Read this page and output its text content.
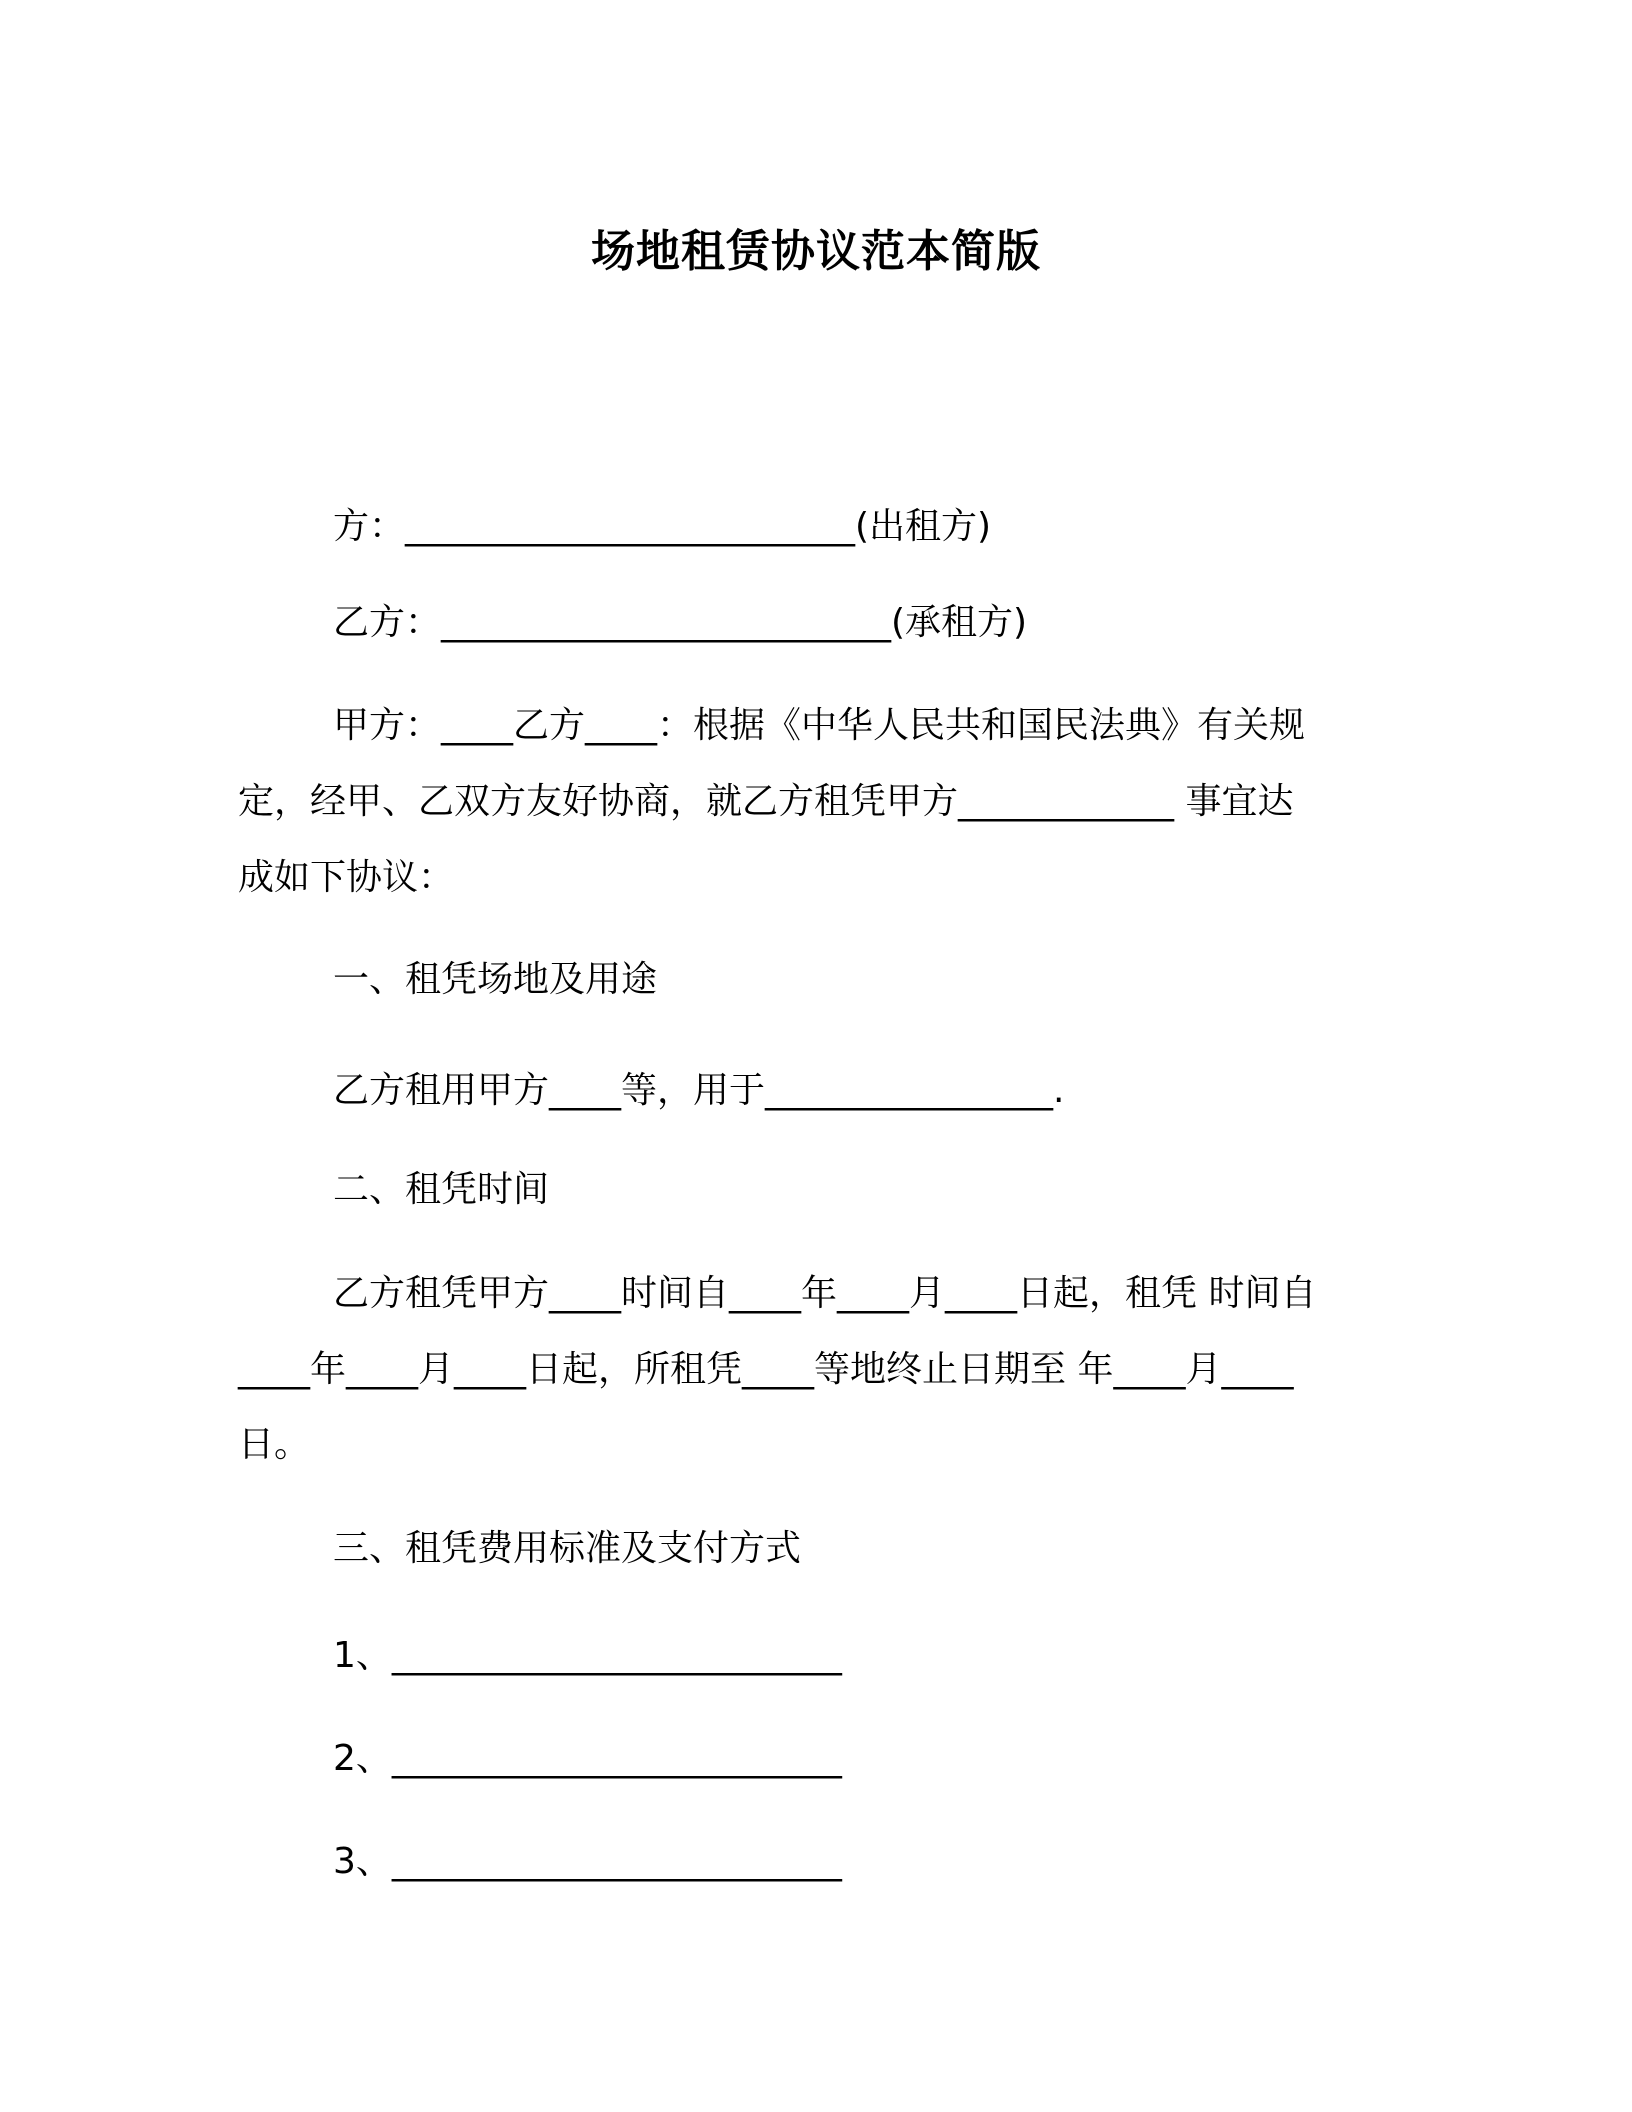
场地租赁协议范本简版
方：_________________________(出租方)
乙方：_________________________(承租方)
甲方：____乙方____：根据《中华人民共和国民法典》有关规
定，经甲、乙双方友好协商，就乙方租凭甲方____________ 事宜达
成如下协议：
一、租凭场地及用途
乙方租用甲方____等，用于________________.
二、租凭时间
乙方租凭甲方____时间自____年____月____日起，租凭 时间自
____年____月____日起，所租凭____等地终止日期至 年____月____
日。
三、租凭费用标准及支付方式
1、_________________________
2、_________________________
3、_________________________
